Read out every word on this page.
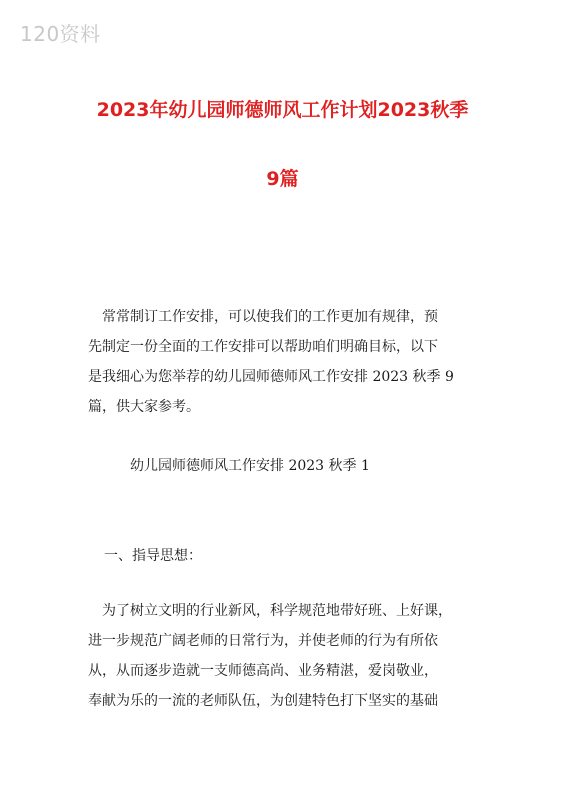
120资料
2023年幼儿园师德师风工作计划2023秋季
9篇
　常常制订工作安排，可以使我们的工作更加有规律，预
先制定一份全面的工作安排可以帮助咱们明确目标，以下
是我细心为您举荐的幼儿园师德师风工作安排 2023 秋季 9
篇，供大家参考。
幼儿园师德师风工作安排 2023 秋季 1
一、指导思想：
　为了树立文明的行业新风，科学规范地带好班、上好课，
进一步规范广阔老师的日常行为，并使老师的行为有所依
从，从而逐步造就一支师德高尚、业务精湛，爱岗敬业，
奉献为乐的一流的老师队伍，为创建特色打下坚实的基础
